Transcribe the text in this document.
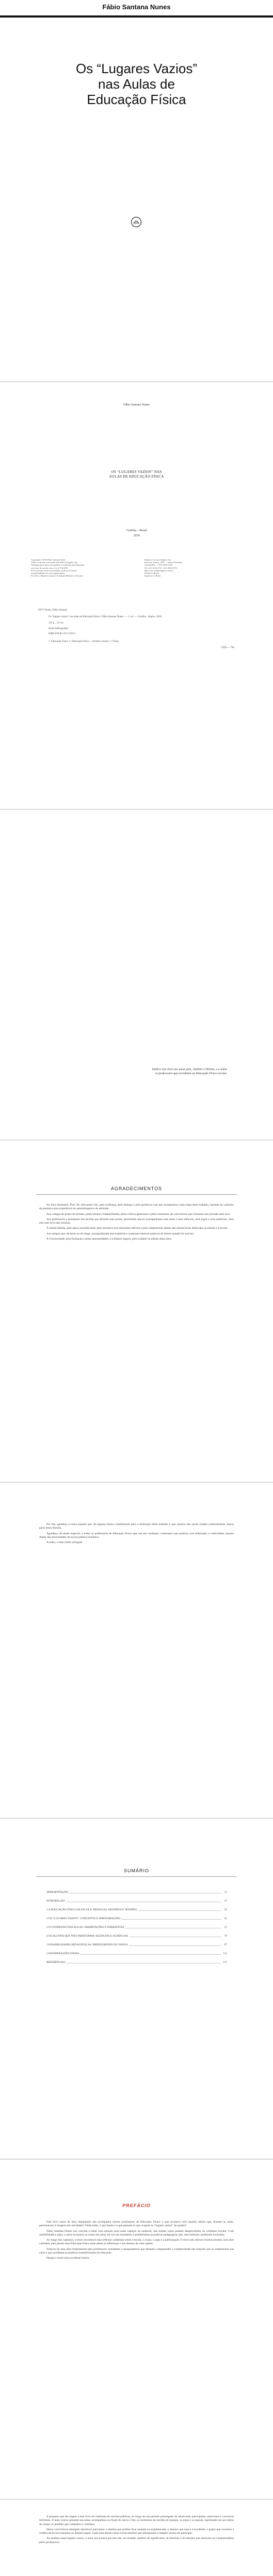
Fábio Santana Nunes
Os “Lugares Vazios”
nas Aulas de
Educação Física
Fábio Santana Nunes
OS “LUGARES VAZIOS” NAS
AULAS DE EDUCAÇÃO FÍSICA
Curitiba – Brasil
2018
Copyright © 2018 Fábio Santana Nunes
Todos os direitos reservados pela Editora Appris Ltda.
Nenhuma parte desta obra poderá ser utilizada indevidamente,
sem estar de acordo com a Lei nº 9.610/98.
Se incorreções forem encontradas, serão de exclusiva
responsabilidade de seus organizadores.
Foi feito o Depósito Legal na Fundação Biblioteca Nacional
Editora e Livraria Appris Ltda.
Rua José Tomasi, 1065 — Santa Felicidade
Curitiba/PR — CEP: 82015-630
Tel: (41) 3156-4731 | (41) 3030-4570
http://www.editoraappris.com.br/
Printed in Brazil
Impresso no Brasil
N972 Nunes, Fábio Santana
Os “lugares vazios” nas aulas de Educação Física / Fábio Santana Nunes. — 1. ed. — Curitiba : Appris, 2018.
123 p. ; 23 cm
Inclui bibliografias
ISBN 978-85-473-1591-0
1. Educação Física. 2. Educação Física — Estudo e ensino. I. Título.
CDD — 796
Dedico este livro aos meus pais, Antônio e Helena, e a todos os professores que acreditam na Educação Física escolar.
AGRADECIMENTOS

Ao meu orientador, Prof. Dr. Alexandre Vaz, pela confiança, pelo diálogo e pela paciência com que acompanhou cada etapa deste trabalho, fazendo do caminho da pesquisa uma experiência de aprendizagem e de amizade.

Aos colegas do grupo de estudos, pelas leituras compartilhadas, pelas críticas generosas e pelos momentos de convivência que tornaram esta jornada mais leve.

Aos professores e estudantes das escolas que abriram suas portas, permitindo que eu acompanhasse suas aulas e seus silêncios, seus jogos e suas ausências. Sem eles este livro não existiria.

À minha família, pelo apoio incondicional, pelo incentivo nos momentos difíceis e pela compreensão diante das muitas horas dedicadas ao estudo e à escrita.

Aos amigos que, de perto ou de longe, acompanharam esta trajetória e souberam oferecer palavras de ânimo quando foi preciso.

À Universidade, pela formação e pelas oportunidades, e à Editora Appris, pelo cuidado na edição desta obra.

Por fim, agradeço a todos aqueles que, de alguma forma, contribuíram para a realização deste trabalho e que, mesmo não sendo citados nominalmente, fazem parte desta história.

Agradeço, de modo especial, a todos os professores de Educação Física que, em seu cotidiano, constroem suas práticas com dedicação e criatividade, mesmo diante das adversidades da escola pública brasileira.

A todos, o meu muito obrigado.

SUMÁRIO
APRESENTAÇÃO	13
INTRODUÇÃO	17
1 A EDUCAÇÃO FÍSICA NA ESCOLA: PRÁTICAS, SENTIDOS E TENSÕES	25
2 OS “LUGARES VAZIOS”: CONCEITOS E APROXIMAÇÕES	41
3 O COTIDIANO DAS AULAS: OBSERVAÇÕES E NARRATIVAS	57
4 OS ALUNOS QUE NÃO PARTICIPAM: SILÊNCIOS E AUSÊNCIAS	79
5 POSSIBILIDADES PEDAGÓGICAS: PREENCHENDO OS VAZIOS	97
CONSIDERAÇÕES FINAIS	111
REFERÊNCIAS	117
PREFÁCIO

Este livro nasce de uma inquietação que acompanha muitos professores de Educação Física: o que acontece com aqueles alunos que, durante as aulas, permanecem à margem das atividades? Onde estão, o que fazem e o que pensam os que ocupam os “lugares vazios” da quadra?

Fábio Santana Nunes nos convida a olhar com atenção para esses espaços de ausência, que muitas vezes passam despercebidos no cotidiano escolar. Com sensibilidade e rigor, o autor reconstrói as cenas das aulas, dá voz aos estudantes e problematiza as práticas pedagógicas que, sem intenção, produzem exclusões.

Ao longo dos capítulos, o leitor encontrará uma reflexão cuidadosa sobre a escola, o corpo, o jogo e a participação. O texto não oferece receitas prontas, mas abre caminhos para pensar uma Educação Física mais atenta às diferenças e aos desejos de cada sujeito.

Trata-se de uma obra fundamental para professores, estudantes e pesquisadores que desejam compreender a complexidade das relações que se estabelecem nas aulas e que acreditam na potência transformadora da educação.

Desejo a todos uma excelente leitura.

A pesquisa que dá origem a este livro foi realizada em escolas públicas, ao longo de um período prolongado de observação participante, entrevistas e conversas informais. O autor esteve presente nas aulas, acompanhou os rituais de início e fim, os momentos de escolha de equipes, os jogos e as pausas, registrando em seu diário de campo os detalhes que compõem o cotidiano.

Dessa convivência emergem narrativas marcantes: a menina que prefere ficar sentada na arquibancada, o menino que nunca é escolhido, o grupo que conversa à sombra da árvore enquanto os demais jogam. Cada uma dessas cenas revela sentidos que ultrapassam a simples recusa em participar.

Ao analisar esses lugares vazios, o autor nos mostra que eles são, na verdade, repletos de significados, de histórias e de relações que merecem ser compreendidas pelos professores.
